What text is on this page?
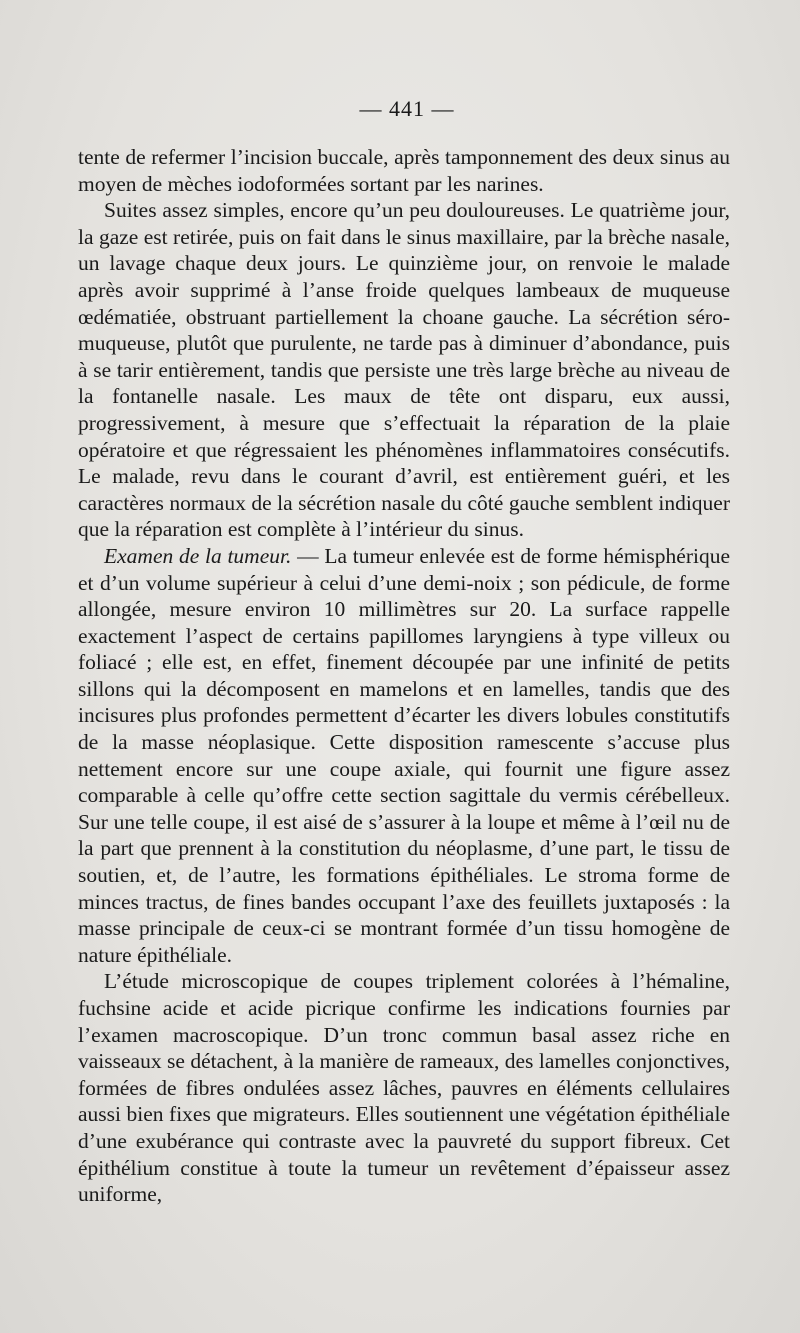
— 441 —

tente de refermer l’incision buccale, après tamponnement des deux sinus au moyen de mèches iodoformées sortant par les narines.

Suites assez simples, encore qu’un peu douloureuses. Le quatrième jour, la gaze est retirée, puis on fait dans le sinus maxillaire, par la brèche nasale, un lavage chaque deux jours. Le quinzième jour, on renvoie le malade après avoir supprimé à l’anse froide quelques lambeaux de muqueuse œdématiée, obstruant partiellement la choane gauche. La sécrétion séro-muqueuse, plutôt que purulente, ne tarde pas à diminuer d’abondance, puis à se tarir entièrement, tandis que persiste une très large brèche au niveau de la fontanelle nasale. Les maux de tête ont disparu, eux aussi, progressivement, à mesure que s’effectuait la réparation de la plaie opératoire et que régressaient les phénomènes inflammatoires consécutifs. Le malade, revu dans le courant d’avril, est entièrement guéri, et les caractères normaux de la sécrétion nasale du côté gauche semblent indiquer que la réparation est complète à l’intérieur du sinus.

Examen de la tumeur. — La tumeur enlevée est de forme hémisphérique et d’un volume supérieur à celui d’une demi-noix ; son pédicule, de forme allongée, mesure environ 10 millimètres sur 20. La surface rappelle exactement l’aspect de certains papillomes laryngiens à type villeux ou foliacé ; elle est, en effet, finement découpée par une infinité de petits sillons qui la décomposent en mamelons et en lamelles, tandis que des incisures plus profondes permettent d’écarter les divers lobules constitutifs de la masse néoplasique. Cette disposition ramescente s’accuse plus nettement encore sur une coupe axiale, qui fournit une figure assez comparable à celle qu’offre cette section sagittale du vermis cérébelleux. Sur une telle coupe, il est aisé de s’assurer à la loupe et même à l’œil nu de la part que prennent à la constitution du néoplasme, d’une part, le tissu de soutien, et, de l’autre, les formations épithéliales. Le stroma forme de minces tractus, de fines bandes occupant l’axe des feuillets juxtaposés : la masse principale de ceux-ci se montrant formée d’un tissu homogène de nature épithéliale.

L’étude microscopique de coupes triplement colorées à l’hémaline, fuchsine acide et acide picrique confirme les indications fournies par l’examen macroscopique. D’un tronc commun basal assez riche en vaisseaux se détachent, à la manière de rameaux, des lamelles conjonctives, formées de fibres ondulées assez lâches, pauvres en éléments cellulaires aussi bien fixes que migrateurs. Elles soutiennent une végétation épithéliale d’une exubérance qui contraste avec la pauvreté du support fibreux. Cet épithélium constitue à toute la tumeur un revêtement d’épaisseur assez uniforme,
